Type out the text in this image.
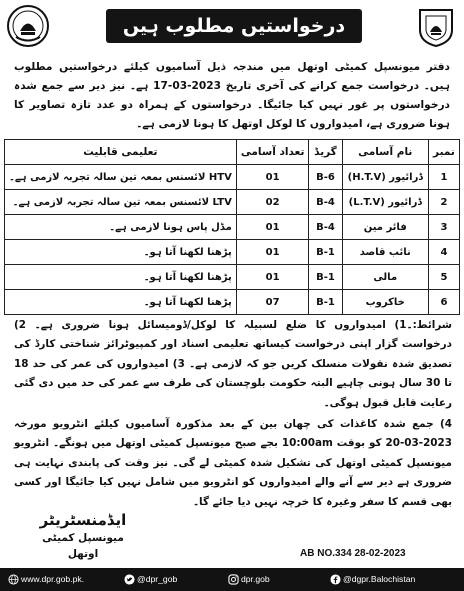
درخواستیں مطلوب ہیں
دفتر میونسپل کمیٹی اوتھل میں مندجہ ذیل آسامیوں کیلئے درخواستیں مطلوب ہیں۔ درخواست جمع کرانے کی آخری تاریخ 2023-03-17 ہے۔ نیز دیر سے جمع شدہ درخواستوں پر غور نہیں کیا جائیگا۔ درخواستوں کے ہمراہ دو عدد تازہ تصاویر کا ہونا ضروری ہے، امیدواروں کا لوکل اوتھل کا ہونا لازمی ہے۔
نمبر	نام آسامی	گریڈ	تعداد آسامی	تعلیمی قابلیت
1	ڈرائیور (H.T.V)	B-6	01	HTV لائسنس بمعہ تین سالہ تجربہ لازمی ہے۔
2	ڈرائیور (L.T.V)	B-4	02	LTV لائسنس بمعہ تین سالہ تجربہ لازمی ہے۔
3	فائر مین	B-4	01	مڈل پاس ہونا لازمی ہے۔
4	نائب قاصد	B-1	01	پڑھنا لکھنا آتا ہو۔
5	مالی	B-1	01	پڑھنا لکھنا آتا ہو۔
6	خاکروب	B-1	07	پڑھنا لکھنا آتا ہو۔

شرائط:۔1) امیدواروں کا ضلع لسبیلہ کا لوکل/ڈومیسائل ہونا ضروری ہے۔ 2) درخواست گزار اپنی درخواست کیساتھ تعلیمی اسناد اور کمپیوٹرائز شناختی کارڈ کی تصدیق شدہ نقولات منسلک کریں جو کہ لازمی ہے۔ 3) امیدواروں کی عمر کی حد 18 تا 30 سال ہونی چاہیے البتہ حکومت بلوچستان کی طرف سے عمر کی حد میں دی گئی رعایت قابل قبول ہوگی۔

4) جمع شدہ کاغذات کی چھان بین کے بعد مذکورہ آسامیوں کیلئے انٹرویو مورخہ 2023-03-20 کو بوقت 10:00am بجے صبح میونسپل کمیٹی اوتھل میں ہونگے۔ انٹرویو میونسپل کمیٹی اوتھل کی تشکیل شدہ کمیٹی لے گی۔ نیز وقت کی پابندی نہایت ہی ضروری ہے دیر سے آنے والے امیدواروں کو انٹرویو میں شامل نہیں کیا جائیگا اور کسی بھی قسم کا سفر وغیرہ کا خرچہ نہیں دیا جائے گا۔

ایڈمنسٹریٹر
میونسپل کمیٹی اوتھل	AB NO.334 28-02-2023
www.dpr.gob.pk.	@dpr_gob	dpr.gob	@dgpr.Balochistan
